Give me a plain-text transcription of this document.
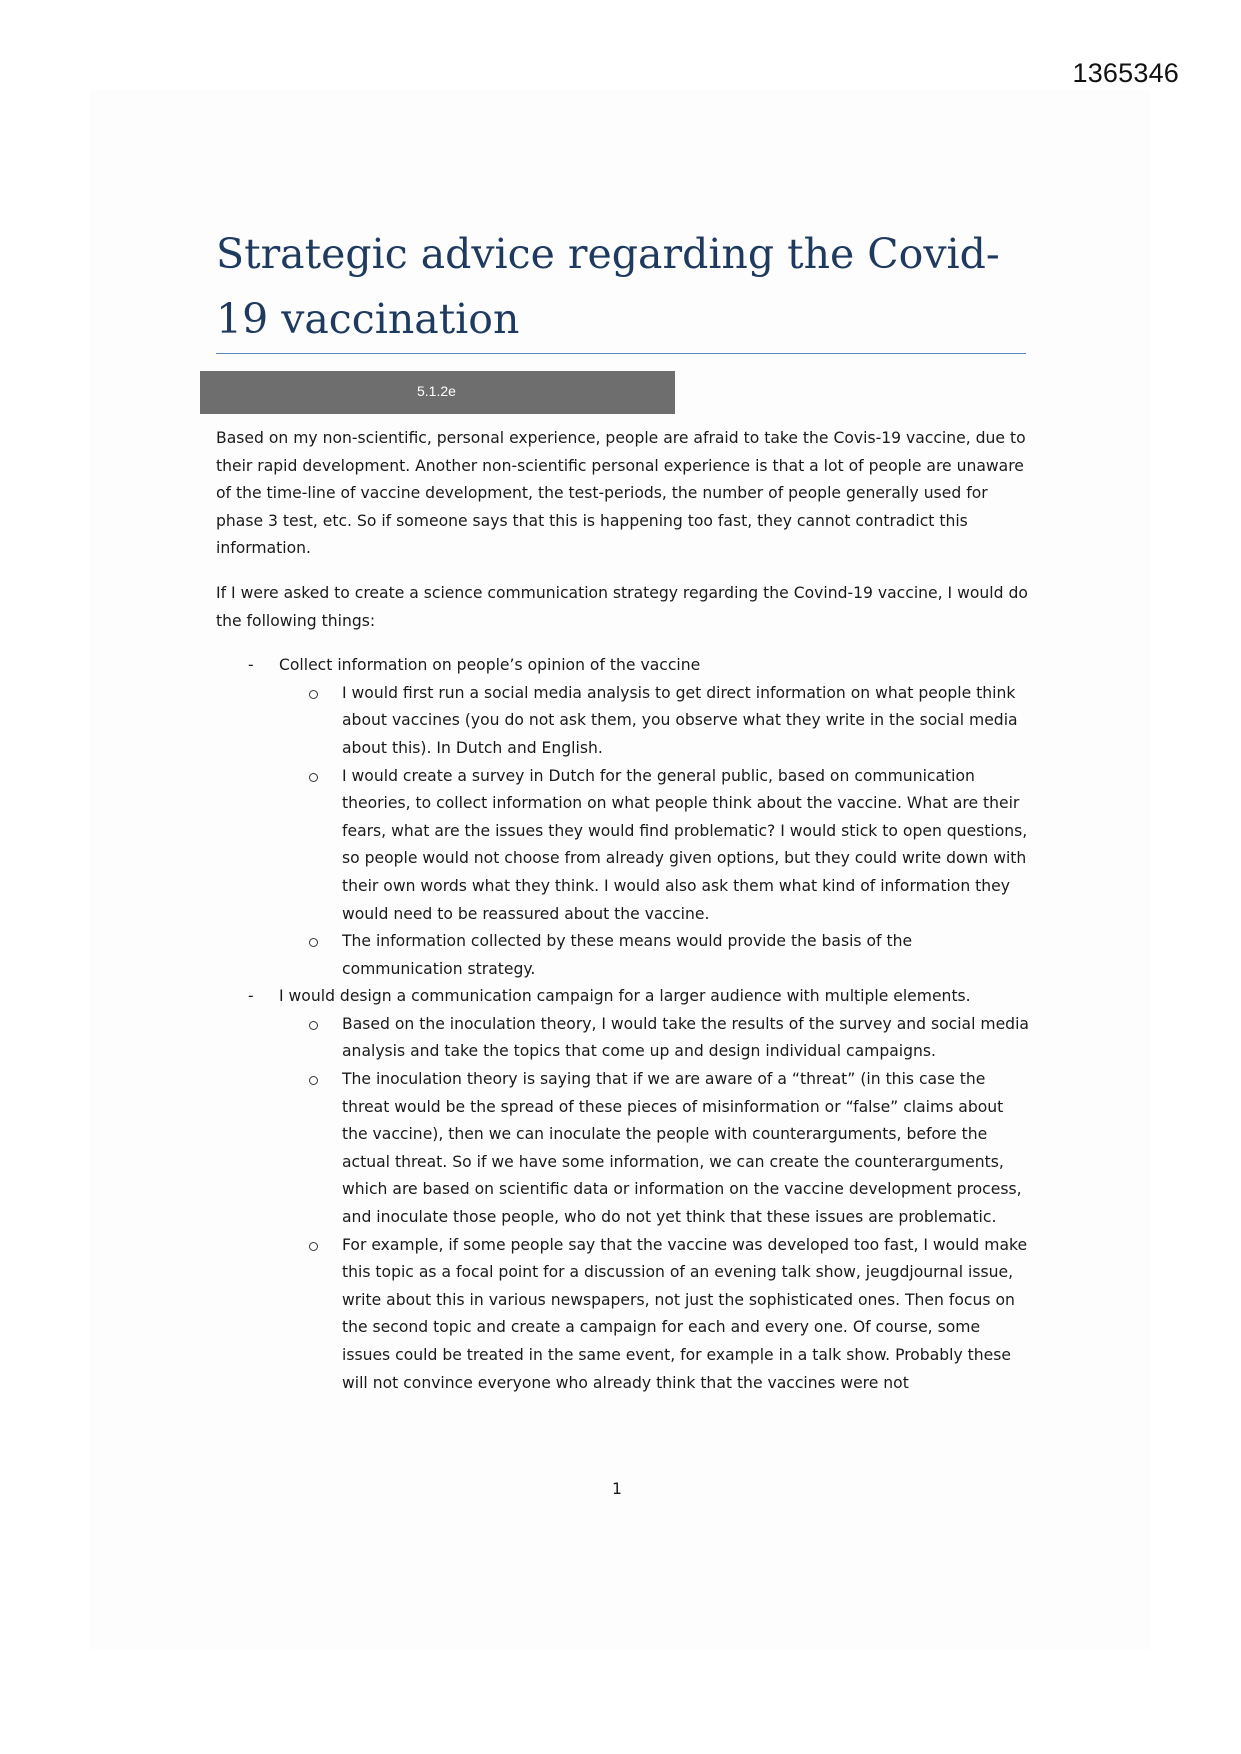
1365346
Strategic advice regarding the Covid-19 vaccination
5.1.2e

Based on my non-scientific, personal experience, people are afraid to take the Covis-19 vaccine, due to their rapid development. Another non-scientific personal experience is that a lot of people are unaware of the time-line of vaccine development, the test-periods, the number of people generally used for phase 3 test, etc. So if someone says that this is happening too fast, they cannot contradict this information.

If I were asked to create a science communication strategy regarding the Covind-19 vaccine, I would do the following things:

- Collect information on people’s opinion of the vaccine
I would first run a social media analysis to get direct information on what people think about vaccines (you do not ask them, you observe what they write in the social media about this). In Dutch and English.
I would create a survey in Dutch for the general public, based on communication theories, to collect information on what people think about the vaccine. What are their fears, what are the issues they would find problematic? I would stick to open questions, so people would not choose from already given options, but they could write down with their own words what they think. I would also ask them what kind of information they would need to be reassured about the vaccine.
The information collected by these means would provide the basis of the communication strategy.
- I would design a communication campaign for a larger audience with multiple elements.
Based on the inoculation theory, I would take the results of the survey and social media analysis and take the topics that come up and design individual campaigns.
The inoculation theory is saying that if we are aware of a “threat” (in this case the threat would be the spread of these pieces of misinformation or “false” claims about the vaccine), then we can inoculate the people with counterarguments, before the actual threat. So if we have some information, we can create the counterarguments, which are based on scientific data or information on the vaccine development process, and inoculate those people, who do not yet think that these issues are problematic.
For example, if some people say that the vaccine was developed too fast, I would make this topic as a focal point for a discussion of an evening talk show, jeugdjournal issue, write about this in various newspapers, not just the sophisticated ones. Then focus on the second topic and create a campaign for each and every one. Of course, some issues could be treated in the same event, for example in a talk show. Probably these will not convince everyone who already think that the vaccines were not
1
